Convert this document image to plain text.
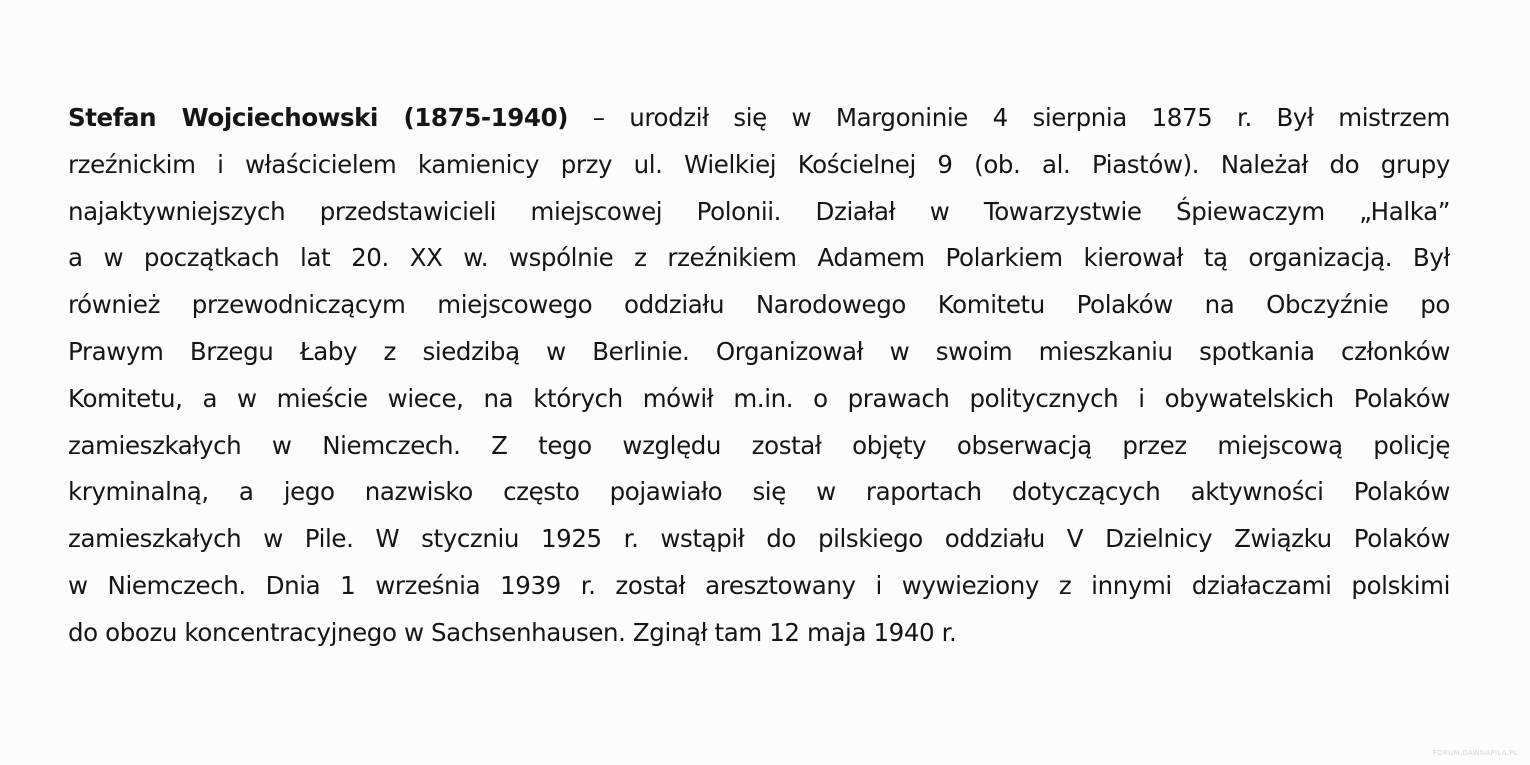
Stefan Wojciechowski (1875-1940) – urodził się w Margoninie 4 sierpnia 1875 r. Był mistrzem
rzeźnickim i właścicielem kamienicy przy ul. Wielkiej Kościelnej 9 (ob. al. Piastów). Należał do grupy
najaktywniejszych przedstawicieli miejscowej Polonii. Działał w Towarzystwie Śpiewaczym „Halka”
a w początkach lat 20. XX w. wspólnie z rzeźnikiem Adamem Polarkiem kierował tą organizacją. Był
również przewodniczącym miejscowego oddziału Narodowego Komitetu Polaków na Obczyźnie po
Prawym Brzegu Łaby z siedzibą w Berlinie. Organizował w swoim mieszkaniu spotkania członków
Komitetu, a w mieście wiece, na których mówił m.in. o prawach politycznych i obywatelskich Polaków
zamieszkałych w Niemczech. Z tego względu został objęty obserwacją przez miejscową policję
kryminalną, a jego nazwisko często pojawiało się w raportach dotyczących aktywności Polaków
zamieszkałych w Pile. W styczniu 1925 r. wstąpił do pilskiego oddziału V Dzielnicy Związku Polaków
w Niemczech. Dnia 1 września 1939 r. został aresztowany i wywieziony z innymi działaczami polskimi
do obozu koncentracyjnego w Sachsenhausen. Zginął tam 12 maja 1940 r.

FORUM.DAWNAPILA.PL
